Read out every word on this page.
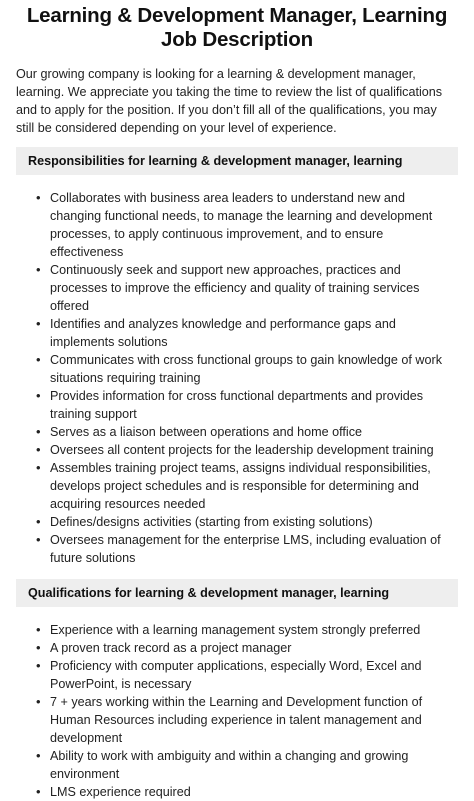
Learning & Development Manager, Learning
Job Description

Our growing company is looking for a learning & development manager, learning. We appreciate you taking the time to review the list of qualifications and to apply for the position. If you don’t fill all of the qualifications, you may still be considered depending on your level of experience.

Responsibilities for learning & development manager, learning
• Collaborates with business area leaders to understand new and changing functional needs, to manage the learning and development processes, to apply continuous improvement, and to ensure effectiveness
• Continuously seek and support new approaches, practices and processes to improve the efficiency and quality of training services offered
• Identifies and analyzes knowledge and performance gaps and implements solutions
• Communicates with cross functional groups to gain knowledge of work situations requiring training
• Provides information for cross functional departments and provides training support
• Serves as a liaison between operations and home office
• Oversees all content projects for the leadership development training
• Assembles training project teams, assigns individual responsibilities, develops project schedules and is responsible for determining and acquiring resources needed
• Defines/designs activities (starting from existing solutions)
• Oversees management for the enterprise LMS, including evaluation of future solutions
Qualifications for learning & development manager, learning
• Experience with a learning management system strongly preferred
• A proven track record as a project manager
• Proficiency with computer applications, especially Word, Excel and PowerPoint, is necessary
• 7 + years working within the Learning and Development function of Human Resources including experience in talent management and development
• Ability to work with ambiguity and within a changing and growing environment
• LMS experience required
